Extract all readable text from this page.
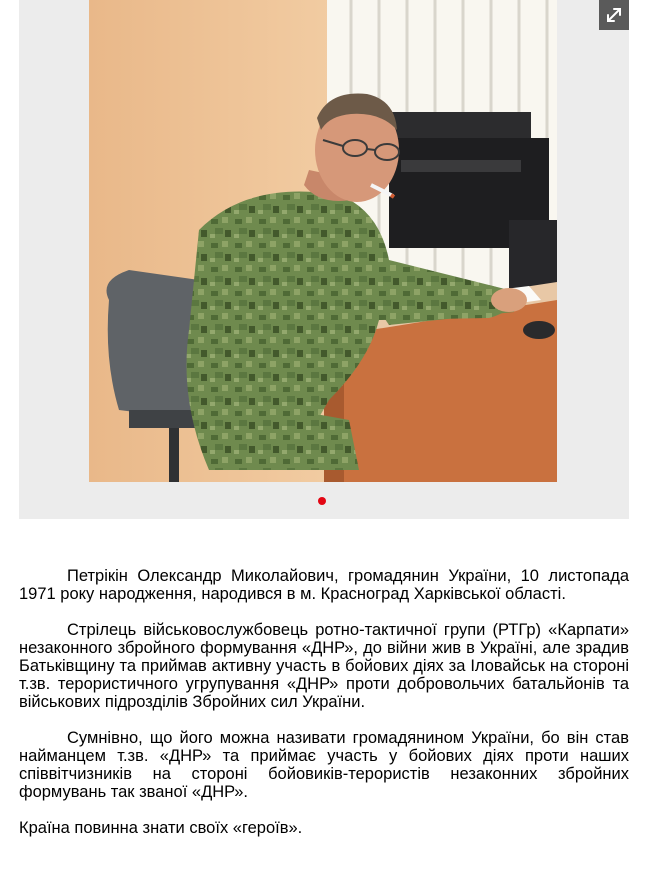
Петрікін Олександр Миколайович, громадянин України, 10 листопада 1971 року народження, народився в м. Красноград Харківської області.

Стрілець військовослужбовець ротно-тактичної групи (РТГр) «Карпати» незаконного збройного формування «ДНР», до війни жив в Україні, але зрадив Батьківщину та приймав активну участь в бойових діях за Іловайськ на стороні т.зв. терористичного угрупування «ДНР» проти добровольчих батальйонів та військових підрозділів Збройних сил України.

Сумнівно, що його можна називати громадянином України, бо він став найманцем т.зв. «ДНР» та приймає участь у бойових діях проти наших співвітчизників на стороні бойовиків-терористів незаконних збройних формувань так званої «ДНР».

Країна повинна знати своїх «героїв».
